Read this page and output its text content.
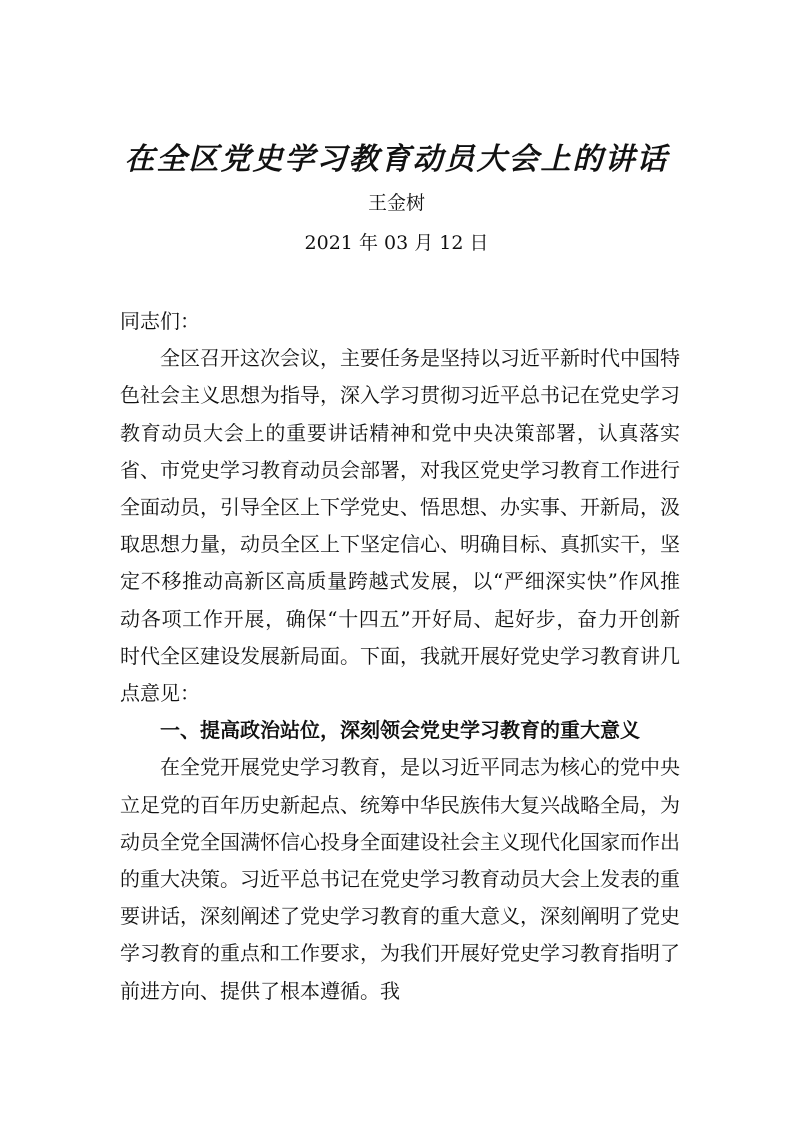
在全区党史学习教育动员大会上的讲话
王金树
2021 年 03 月 12 日

同志们：

全区召开这次会议，主要任务是坚持以习近平新时代中国特色社会主义思想为指导，深入学习贯彻习近平总书记在党史学习教育动员大会上的重要讲话精神和党中央决策部署，认真落实省、市党史学习教育动员会部署，对我区党史学习教育工作进行全面动员，引导全区上下学党史、悟思想、办实事、开新局，汲取思想力量，动员全区上下坚定信心、明确目标、真抓实干，坚定不移推动高新区高质量跨越式发展，以“严细深实快”作风推动各项工作开展，确保“十四五”开好局、起好步，奋力开创新时代全区建设发展新局面。下面，我就开展好党史学习教育讲几点意见：

一、提高政治站位，深刻领会党史学习教育的重大意义

在全党开展党史学习教育，是以习近平同志为核心的党中央立足党的百年历史新起点、统筹中华民族伟大复兴战略全局，为动员全党全国满怀信心投身全面建设社会主义现代化国家而作出的重大决策。习近平总书记在党史学习教育动员大会上发表的重要讲话，深刻阐述了党史学习教育的重大意义，深刻阐明了党史学习教育的重点和工作要求，为我们开展好党史学习教育指明了前进方向、提供了根本遵循。我
